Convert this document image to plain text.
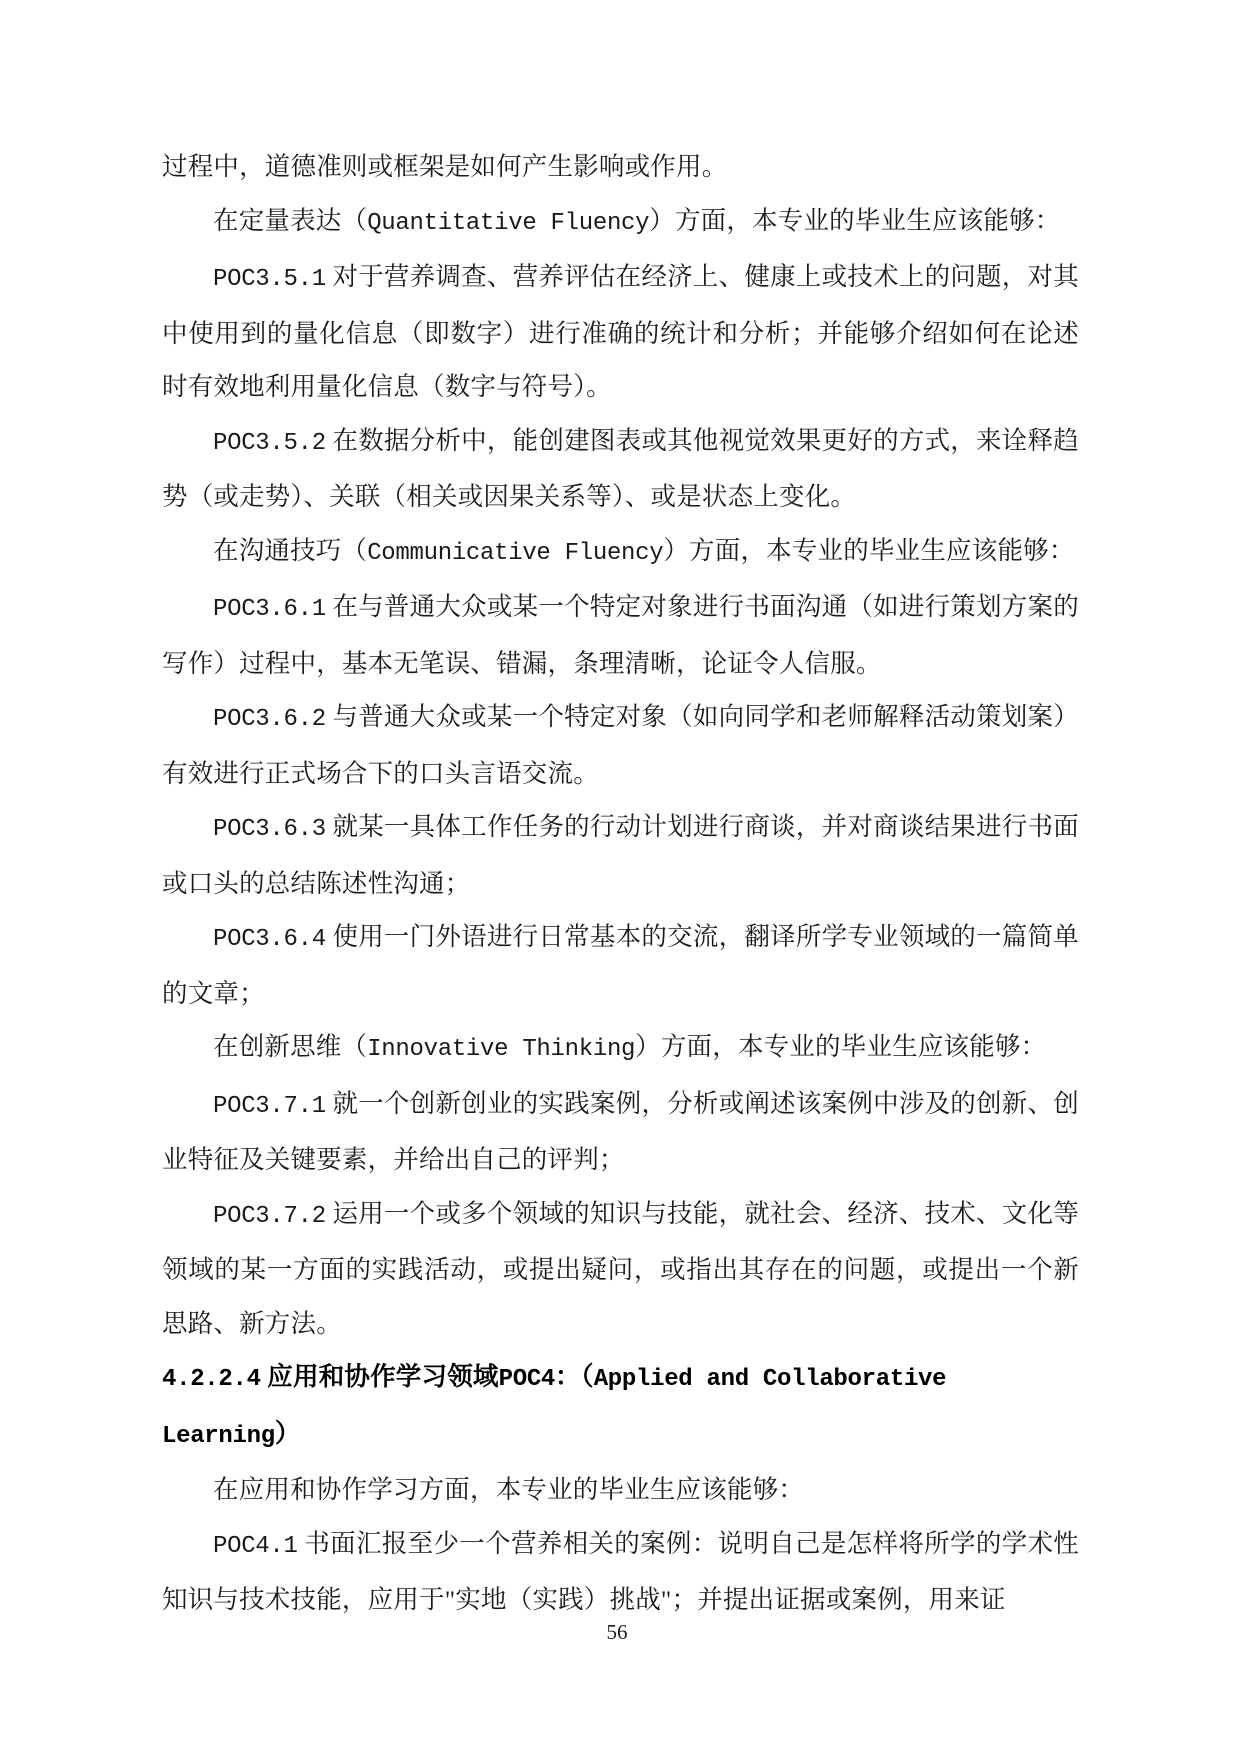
过程中，道德准则或框架是如何产生影响或作用。

在定量表达（Quantitative Fluency）方面，本专业的毕业生应该能够：

POC3.5.1 对于营养调查、营养评估在经济上、健康上或技术上的问题，对其中使用到的量化信息（即数字）进行准确的统计和分析；并能够介绍如何在论述时有效地利用量化信息（数字与符号）。

POC3.5.2 在数据分析中，能创建图表或其他视觉效果更好的方式，来诠释趋势（或走势）、关联（相关或因果关系等）、或是状态上变化。

在沟通技巧（Communicative Fluency）方面，本专业的毕业生应该能够：

POC3.6.1 在与普通大众或某一个特定对象进行书面沟通（如进行策划方案的写作）过程中，基本无笔误、错漏，条理清晰，论证令人信服。

POC3.6.2 与普通大众或某一个特定对象（如向同学和老师解释活动策划案）有效进行正式场合下的口头言语交流。

POC3.6.3 就某一具体工作任务的行动计划进行商谈，并对商谈结果进行书面或口头的总结陈述性沟通；

POC3.6.4 使用一门外语进行日常基本的交流，翻译所学专业领域的一篇简单的文章；

在创新思维（Innovative Thinking）方面，本专业的毕业生应该能够：

POC3.7.1 就一个创新创业的实践案例，分析或阐述该案例中涉及的创新、创业特征及关键要素，并给出自己的评判；

POC3.7.2 运用一个或多个领域的知识与技能，就社会、经济、技术、文化等领域的某一方面的实践活动，或提出疑问，或指出其存在的问题，或提出一个新思路、新方法。

4.2.2.4 应用和协作学习领域POC4：（Applied and Collaborative Learning）

在应用和协作学习方面，本专业的毕业生应该能够：

POC4.1 书面汇报至少一个营养相关的案例：说明自己是怎样将所学的学术性知识与技术技能，应用于"实地（实践）挑战"；并提出证据或案例，用来证

56
